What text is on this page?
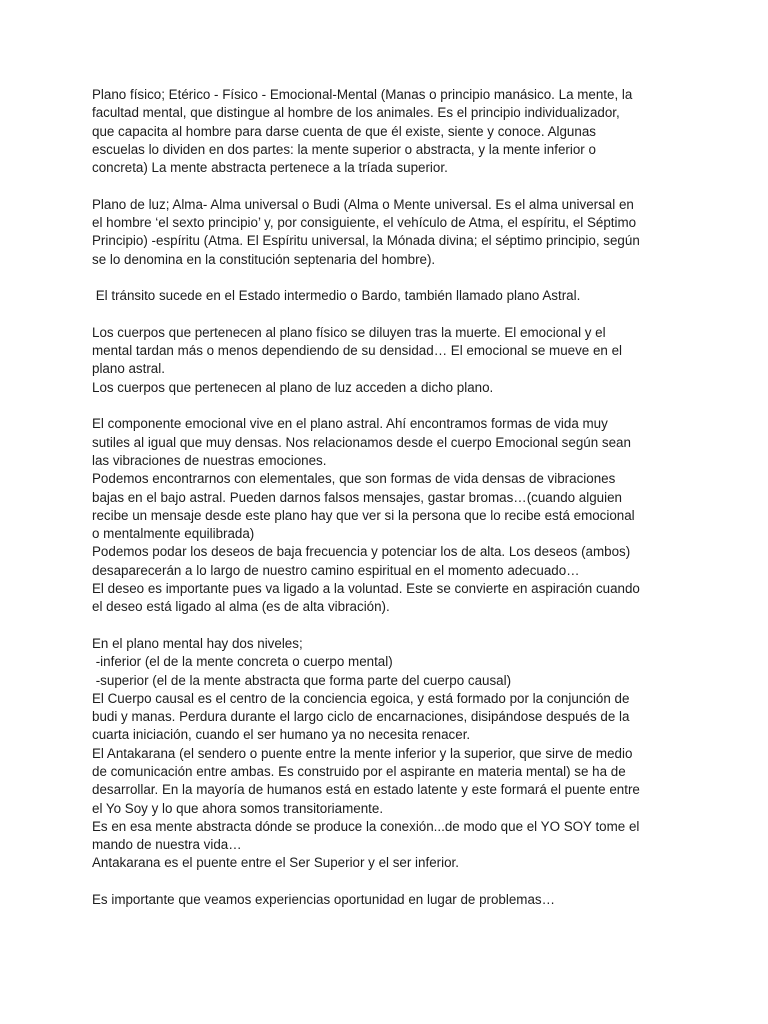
Plano físico; Etérico - Físico - Emocional-Mental (Manas o principio manásico. La mente, la
facultad mental, que distingue al hombre de los animales. Es el principio individualizador,
que capacita al hombre para darse cuenta de que él existe, siente y conoce. Algunas
escuelas lo dividen en dos partes: la mente superior o abstracta, y la mente inferior o
concreta) La mente abstracta pertenece a la tríada superior.

Plano de luz; Alma- Alma universal o Budi (Alma o Mente universal. Es el alma universal en
el hombre ‘el sexto principio’ y, por consiguiente, el vehículo de Atma, el espíritu, el Séptimo
Principio) -espíritu (Atma. El Espíritu universal, la Mónada divina; el séptimo principio, según
se lo denomina en la constitución septenaria del hombre).

El tránsito sucede en el Estado intermedio o Bardo, también llamado plano Astral.

Los cuerpos que pertenecen al plano físico se diluyen tras la muerte. El emocional y el
mental tardan más o menos dependiendo de su densidad… El emocional se mueve en el
plano astral.

Los cuerpos que pertenecen al plano de luz acceden a dicho plano.

El componente emocional vive en el plano astral. Ahí encontramos formas de vida muy
sutiles al igual que muy densas. Nos relacionamos desde el cuerpo Emocional según sean
las vibraciones de nuestras emociones.

Podemos encontrarnos con elementales, que son formas de vida densas de vibraciones
bajas en el bajo astral. Pueden darnos falsos mensajes, gastar bromas…(cuando alguien
recibe un mensaje desde este plano hay que ver si la persona que lo recibe está emocional
o mentalmente equilibrada)

Podemos podar los deseos de baja frecuencia y potenciar los de alta. Los deseos (ambos)
desaparecerán a lo largo de nuestro camino espiritual en el momento adecuado…

El deseo es importante pues va ligado a la voluntad. Este se convierte en aspiración cuando
el deseo está ligado al alma (es de alta vibración).

En el plano mental hay dos niveles;

-inferior (el de la mente concreta o cuerpo mental)

-superior (el de la mente abstracta que forma parte del cuerpo causal)

El Cuerpo causal es el centro de la conciencia egoica, y está formado por la conjunción de
budi y manas. Perdura durante el largo ciclo de encarnaciones, disipándose después de la
cuarta iniciación, cuando el ser humano ya no necesita renacer.

El Antakarana (el sendero o puente entre la mente inferior y la superior, que sirve de medio
de comunicación entre ambas. Es construido por el aspirante en materia mental) se ha de
desarrollar. En la mayoría de humanos está en estado latente y este formará el puente entre
el Yo Soy y lo que ahora somos transitoriamente.

Es en esa mente abstracta dónde se produce la conexión...de modo que el YO SOY tome el
mando de nuestra vida…

Antakarana es el puente entre el Ser Superior y el ser inferior.

Es importante que veamos experiencias oportunidad en lugar de problemas…
